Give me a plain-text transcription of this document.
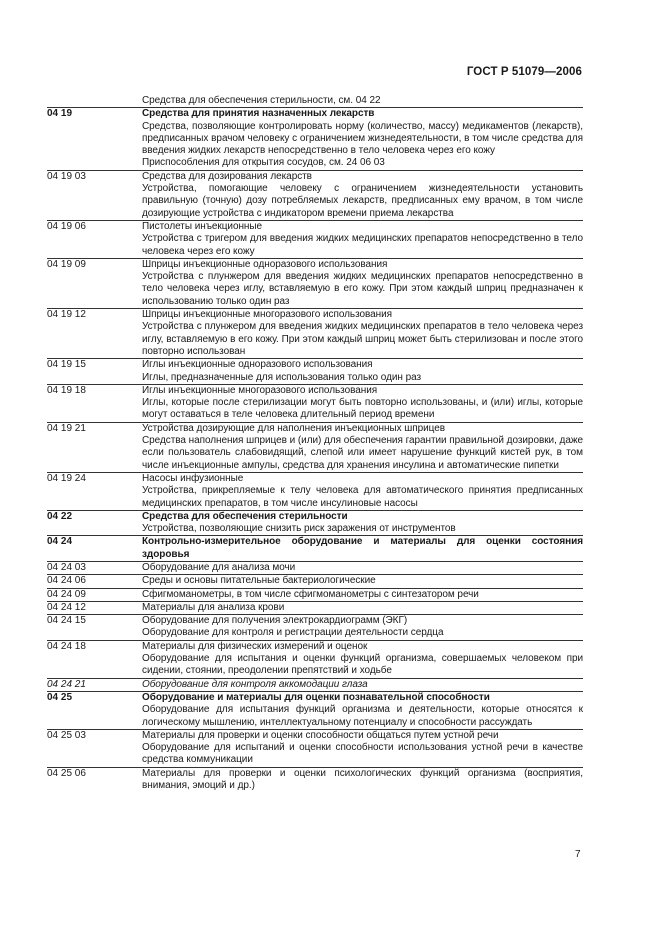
ГОСТ Р 51079—2006

Средства для обеспечения стерильности, см. 04 22

04 19	Средства для принятия назначенных лекарств

Средства, позволяющие контролировать норму (количество, массу) медикаментов (лекарств), предписанных врачом человеку с ограничением жизнедеятельности, в том числе средства для введения жидких лекарств непосредственно в тело человека через его кожу

Приспособления для открытия сосудов, см. 24 06 03

04 19 03	Средства для дозирования лекарств

Устройства, помогающие человеку с ограничением жизнедеятельности установить правильную (точную) дозу потребляемых лекарств, предписанных ему врачом, в том числе дозирующие устройства с индикатором времени приема лекарства

04 19 06	Пистолеты инъекционные

Устройства с тригером для введения жидких медицинских препаратов непосредственно в тело человека через его кожу

04 19 09	Шприцы инъекционные одноразового использования

Устройства с плунжером для введения жидких медицинских препаратов непосредственно в тело человека через иглу, вставляемую в его кожу. При этом каждый шприц предназначен к использованию только один раз

04 19 12	Шприцы инъекционные многоразового использования

Устройства с плунжером для введения жидких медицинских препаратов в тело человека через иглу, вставляемую в его кожу. При этом каждый шприц может быть стерилизован и после этого повторно использован

04 19 15	Иглы инъекционные одноразового использования

Иглы, предназначенные для использования только один раз

04 19 18	Иглы инъекционные многоразового использования

Иглы, которые после стерилизации могут быть повторно использованы, и (или) иглы, которые могут оставаться в теле человека длительный период времени

04 19 21	Устройства дозирующие для наполнения инъекционных шприцев

Средства наполнения шприцев и (или) для обеспечения гарантии правильной дозировки, даже если пользователь слабовидящий, слепой или имеет нарушение функций кистей рук, в том числе инъекционные ампулы, средства для хранения инсулина и автоматические пипетки

04 19 24	Насосы инфузионные

Устройства, прикрепляемые к телу человека для автоматического принятия предписанных медицинских препаратов, в том числе инсулиновые насосы

04 22	Средства для обеспечения стерильности

Устройства, позволяющие снизить риск заражения от инструментов

04 24	Контрольно-измерительное оборудование и материалы для оценки состояния здоровья

04 24 03	Оборудование для анализа мочи

04 24 06	Среды и основы питательные бактериологические

04 24 09	Сфигмоманометры, в том числе сфигмоманометры с синтезатором речи

04 24 12	Материалы для анализа крови

04 24 15	Оборудование для получения электрокардиограмм (ЭКГ)

Оборудование для контроля и регистрации деятельности сердца

04 24 18	Материалы для физических измерений и оценок

Оборудование для испытания и оценки функций организма, совершаемых человеком при сидении, стоянии, преодолении препятствий и ходьбе

04 24 21	Оборудование для контроля аккомодации глаза

04 25	Оборудование и материалы для оценки познавательной способности

Оборудование для испытания функций организма и деятельности, которые относятся к логическому мышлению, интеллектуальному потенциалу и способности рассуждать

04 25 03	Материалы для проверки и оценки способности общаться путем устной речи

Оборудование для испытаний и оценки способности использования устной речи в качестве средства коммуникации

04 25 06	Материалы для проверки и оценки психологических функций организма (восприятия, внимания, эмоций и др.)

7
